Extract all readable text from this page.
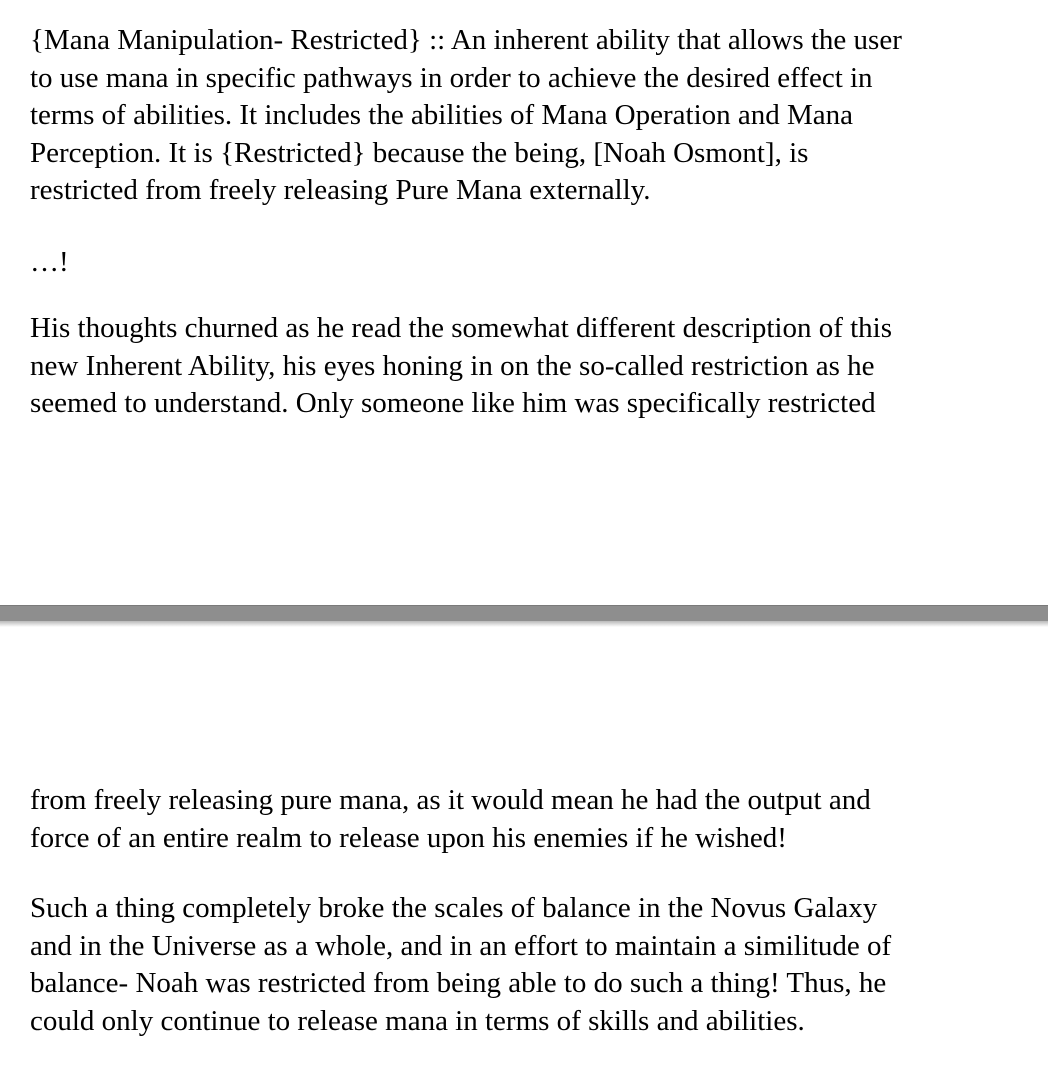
{Mana Manipulation- Restricted} :: An inherent ability that allows the user
to use mana in specific pathways in order to achieve the desired effect in
terms of abilities. It includes the abilities of Mana Operation and Mana
Perception. It is {Restricted} because the being, [Noah Osmont], is
restricted from freely releasing Pure Mana externally.

…!

His thoughts churned as he read the somewhat different description of this
new Inherent Ability, his eyes honing in on the so-called restriction as he
seemed to understand. Only someone like him was specifically restricted

from freely releasing pure mana, as it would mean he had the output and
force of an entire realm to release upon his enemies if he wished!

Such a thing completely broke the scales of balance in the Novus Galaxy
and in the Universe as a whole, and in an effort to maintain a similitude of
balance- Noah was restricted from being able to do such a thing! Thus, he
could only continue to release mana in terms of skills and abilities.
